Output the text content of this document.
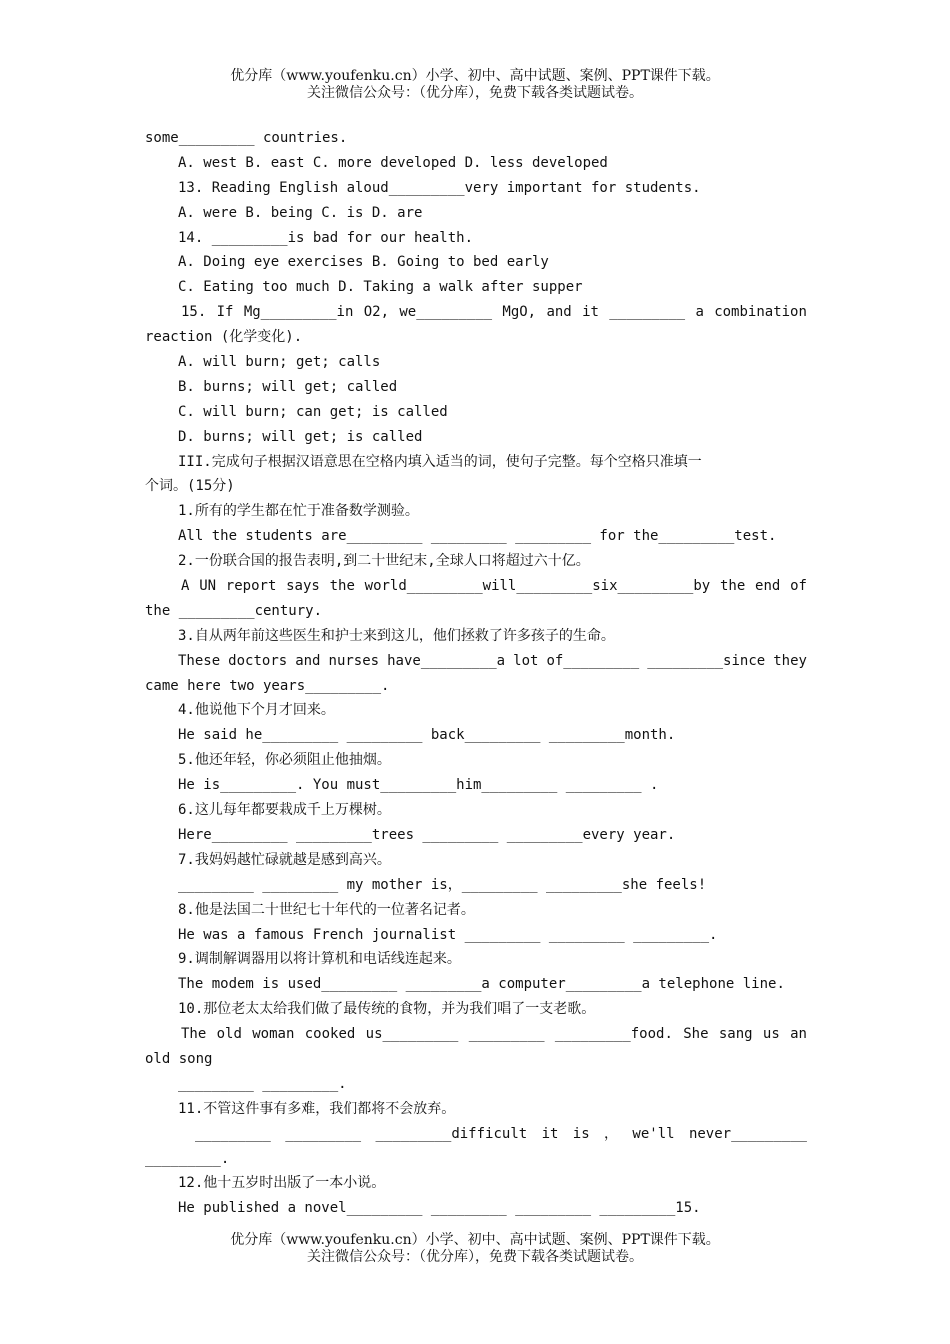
优分库（www.youfenku.cn）小学、初中、高中试题、案例、PPT课件下载。
关注微信公众号：（优分库），免费下载各类试题试卷。
some_________ countries.
A. west B. east C. more developed D. less developed
13. Reading English aloud_________very important for students.
A. were B. being C. is D. are
14. _________is bad for our health.
A. Doing eye exercises B. Going to bed early
C. Eating too much D. Taking a walk after supper
15. If Mg_________in O2, we_________ MgO, and it _________ a combination
reaction (化学变化).
A. will burn; get; calls
B. burns; will get; called
C. will burn; can get; is called
D. burns; will get; is called
III.完成句子根据汉语意思在空格内填入适当的词，使句子完整。每个空格只准填一
个词。(15分)
1.所有的学生都在忙于准备数学测验。
All the students are_________ _________ _________ for the_________test.
2.一份联合国的报告表明,到二十世纪末,全球人口将超过六十亿。
A UN report says the world_________will_________six_________by the end of
the _________century.
3.自从两年前这些医生和护士来到这儿，他们拯救了许多孩子的生命。
These doctors and nurses have_________a lot of_________ _________since they
came here two years_________.
4.他说他下个月才回来。
He said he_________ _________ back_________ _________month.
5.他还年轻，你必须阻止他抽烟。
He is_________. You must_________him_________ _________ .
6.这儿每年都要栽成千上万棵树。
Here_________ _________trees _________ _________every year.
7.我妈妈越忙碌就越是感到高兴。
_________ _________ my mother is，_________ _________she feels!
8.他是法国二十世纪七十年代的一位著名记者。
He was a famous French journalist _________ _________ _________.
9.调制解调器用以将计算机和电话线连起来。
The modem is used_________ _________a computer_________a telephone line.
10.那位老太太给我们做了最传统的食物，并为我们唱了一支老歌。
The old woman cooked us_________ _________ _________food. She sang us an
old song
_________ _________.
11.不管这件事有多难，我们都将不会放弃。
_________ _________ _________difficult it is ， we'll never_________
_________.
12.他十五岁时出版了一本小说。
He published a novel_________ _________ _________ _________15.
优分库（www.youfenku.cn）小学、初中、高中试题、案例、PPT课件下载。
关注微信公众号：（优分库），免费下载各类试题试卷。
